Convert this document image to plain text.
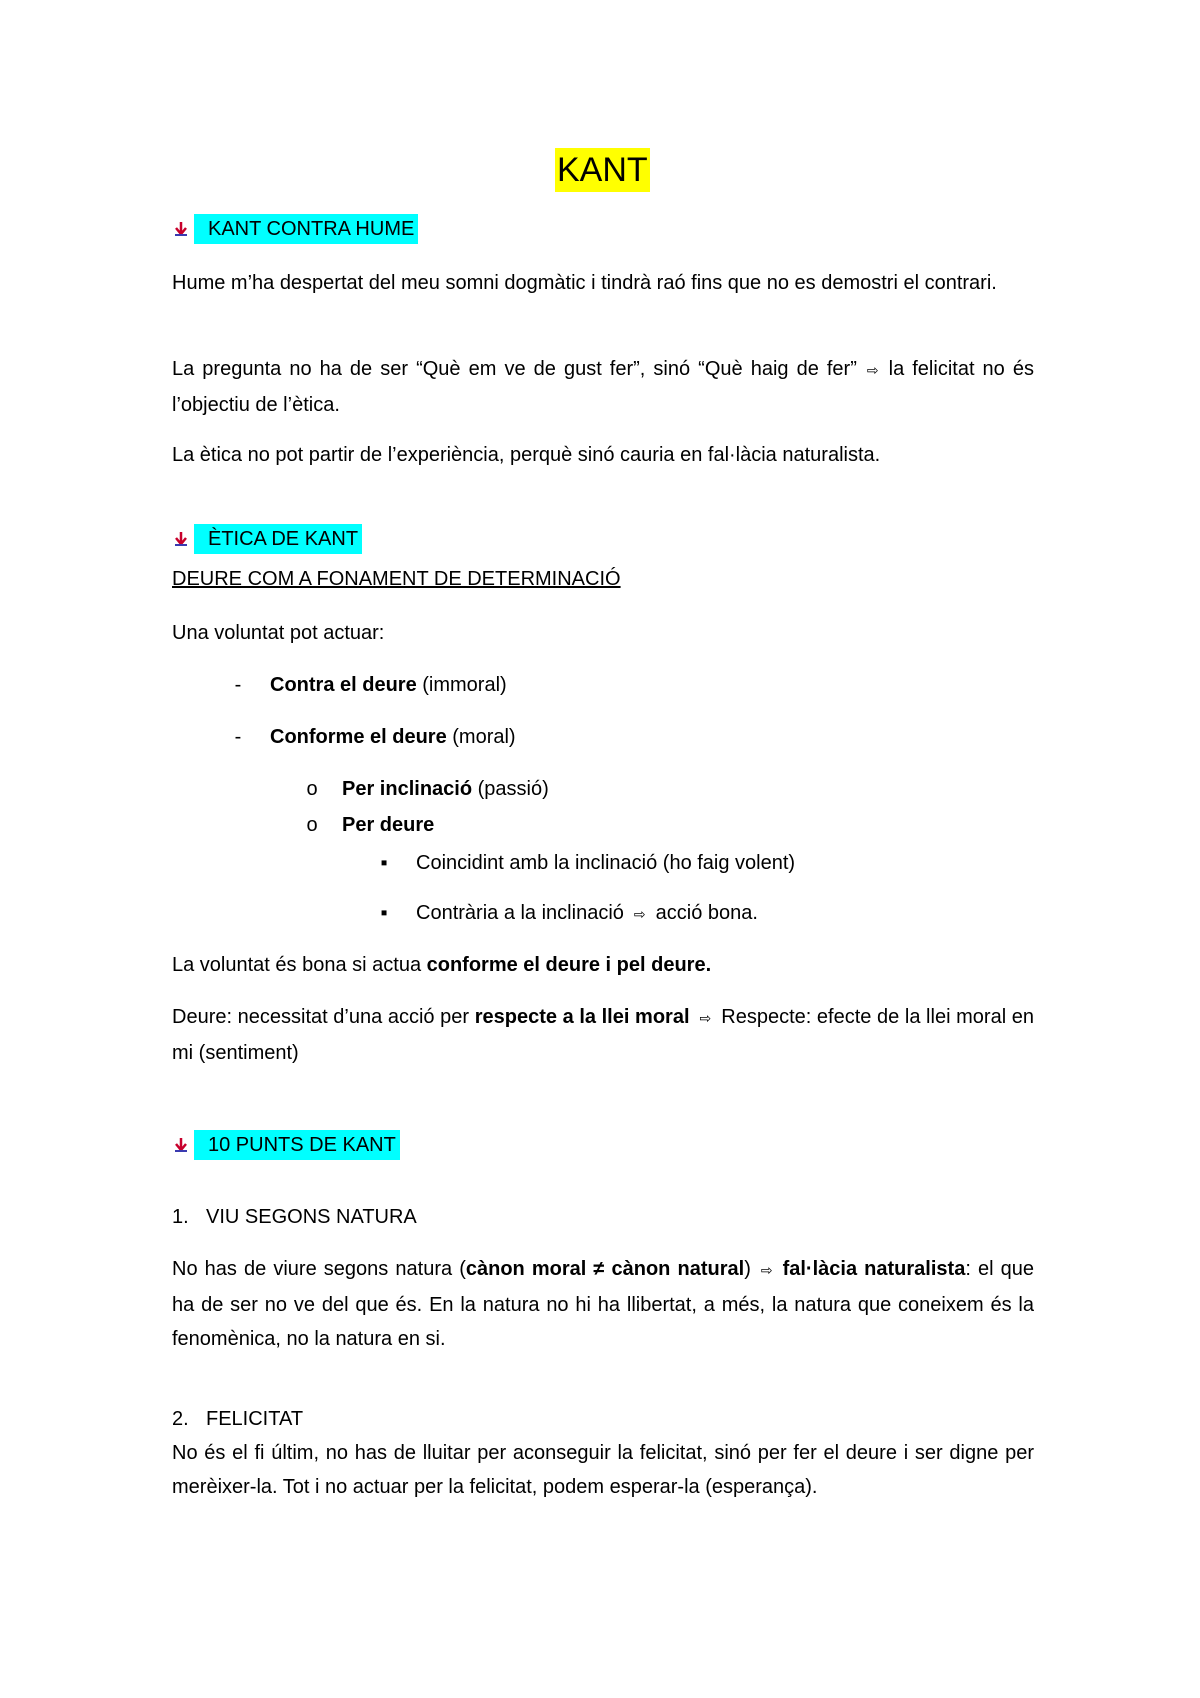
KANT
KANT CONTRA HUME
Hume m’ha despertat del meu somni dogmàtic i tindrà raó fins que no es demostri el contrari.
La pregunta no ha de ser “Què em ve de gust fer”, sinó “Què haig de fer” ⇨ la felicitat no és l’objectiu de l’ètica.
La ètica no pot partir de l’experiència, perquè sinó cauria en fal·làcia naturalista.
ÈTICA DE KANT
DEURE COM A FONAMENT DE DETERMINACIÓ
Una voluntat pot actuar:
-	Contra el deure (immoral)
-	Conforme el deure (moral)
o Per inclinació (passió)
o Per deure
▪	Coincidint amb la inclinació (ho faig volent)
▪	Contrària a la inclinació ⇨ acció bona.
La voluntat és bona si actua conforme el deure i pel deure.
Deure: necessitat d’una acció per respecte a la llei moral ⇨ Respecte: efecte de la llei moral en mi (sentiment)
10 PUNTS DE KANT
1. VIU SEGONS NATURA
No has de viure segons natura (cànon moral ≠ cànon natural) ⇨ fal·làcia naturalista: el que ha de ser no ve del que és. En la natura no hi ha llibertat, a més, la natura que coneixem és la fenomènica, no la natura en si.
2. FELICITAT
No és el fi últim, no has de lluitar per aconseguir la felicitat, sinó per fer el deure i ser digne per merèixer-la. Tot i no actuar per la felicitat, podem esperar-la (esperança).
